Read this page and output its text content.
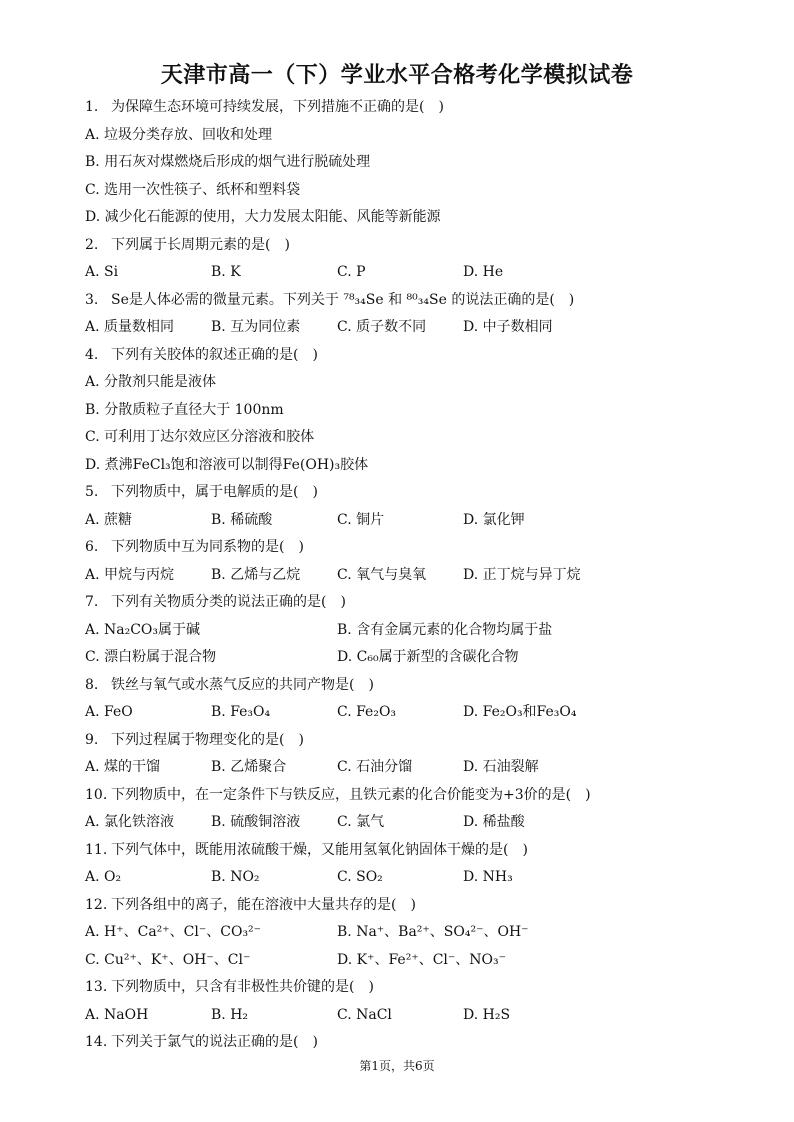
天津市高一（下）学业水平合格考化学模拟试卷
1. 为保障生态环境可持续发展，下列措施不正确的是(　)
A. 垃圾分类存放、回收和处理
B. 用石灰对煤燃烧后形成的烟气进行脱硫处理
C. 选用一次性筷子、纸杯和塑料袋
D. 减少化石能源的使用，大力发展太阳能、风能等新能源
2. 下列属于长周期元素的是(　)
A. Si	B. K	C. P	D. He
3. Se是人体必需的微量元素。下列关于 ⁷⁸₃₄Se 和 ⁸⁰₃₄Se 的说法正确的是(　)
A. 质量数相同	B. 互为同位素	C. 质子数不同	D. 中子数相同
4. 下列有关胶体的叙述正确的是(　)
A. 分散剂只能是液体
B. 分散质粒子直径大于 100nm
C. 可利用丁达尔效应区分溶液和胶体
D. 煮沸FeCl₃饱和溶液可以制得Fe(OH)₃胶体
5. 下列物质中，属于电解质的是(　)
A. 蔗糖	B. 稀硫酸	C. 铜片	D. 氯化钾
6. 下列物质中互为同系物的是(　)
A. 甲烷与丙烷	B. 乙烯与乙烷	C. 氧气与臭氧	D. 正丁烷与异丁烷
7. 下列有关物质分类的说法正确的是(　)
A. Na₂CO₃属于碱	B. 含有金属元素的化合物均属于盐
C. 漂白粉属于混合物	D. C₆₀属于新型的含碳化合物
8. 铁丝与氧气或水蒸气反应的共同产物是(　)
A. FeO	B. Fe₃O₄	C. Fe₂O₃	D. Fe₂O₃和Fe₃O₄
9. 下列过程属于物理变化的是(　)
A. 煤的干馏	B. 乙烯聚合	C. 石油分馏	D. 石油裂解
10. 下列物质中，在一定条件下与铁反应，且铁元素的化合价能变为+3价的是(　)
A. 氯化铁溶液	B. 硫酸铜溶液	C. 氯气	D. 稀盐酸
11. 下列气体中，既能用浓硫酸干燥，又能用氢氧化钠固体干燥的是(　)
A. O₂	B. NO₂	C. SO₂	D. NH₃
12. 下列各组中的离子，能在溶液中大量共存的是(　)
A. H⁺、Ca²⁺、Cl⁻、CO₃²⁻	B. Na⁺、Ba²⁺、SO₄²⁻、OH⁻
C. Cu²⁺、K⁺、OH⁻、Cl⁻	D. K⁺、Fe²⁺、Cl⁻、NO₃⁻
13. 下列物质中，只含有非极性共价键的是(　)
A. NaOH	B. H₂	C. NaCl	D. H₂S
14. 下列关于氯气的说法正确的是(　)
第1页，共6页
